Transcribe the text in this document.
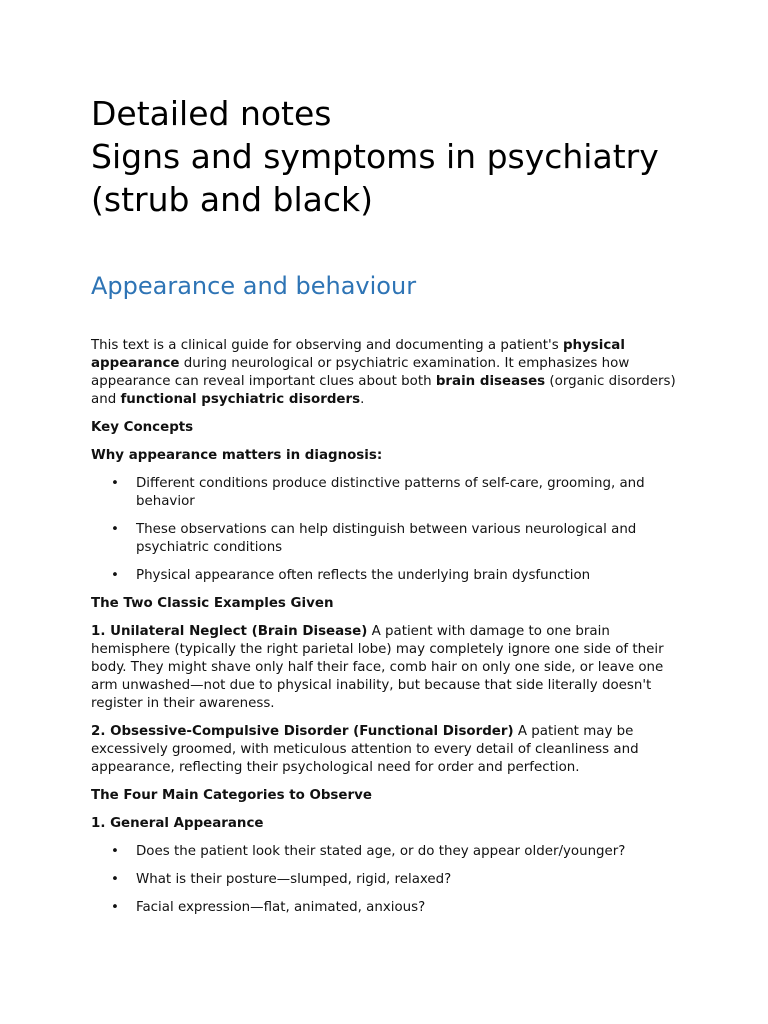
Detailed notes
Signs and symptoms in psychiatry
(strub and black)
Appearance and behaviour

This text is a clinical guide for observing and documenting a patient's physical appearance during neurological or psychiatric examination. It emphasizes how appearance can reveal important clues about both brain diseases (organic disorders) and functional psychiatric disorders.

Key Concepts

Why appearance matters in diagnosis:

• Different conditions produce distinctive patterns of self-care, grooming, and behavior
• These observations can help distinguish between various neurological and psychiatric conditions
• Physical appearance often reflects the underlying brain dysfunction

The Two Classic Examples Given

1. Unilateral Neglect (Brain Disease) A patient with damage to one brain hemisphere (typically the right parietal lobe) may completely ignore one side of their body. They might shave only half their face, comb hair on only one side, or leave one arm unwashed—not due to physical inability, but because that side literally doesn't register in their awareness.

2. Obsessive-Compulsive Disorder (Functional Disorder) A patient may be excessively groomed, with meticulous attention to every detail of cleanliness and appearance, reflecting their psychological need for order and perfection.

The Four Main Categories to Observe

1. General Appearance

• Does the patient look their stated age, or do they appear older/younger?
• What is their posture—slumped, rigid, relaxed?
• Facial expression—flat, animated, anxious?
